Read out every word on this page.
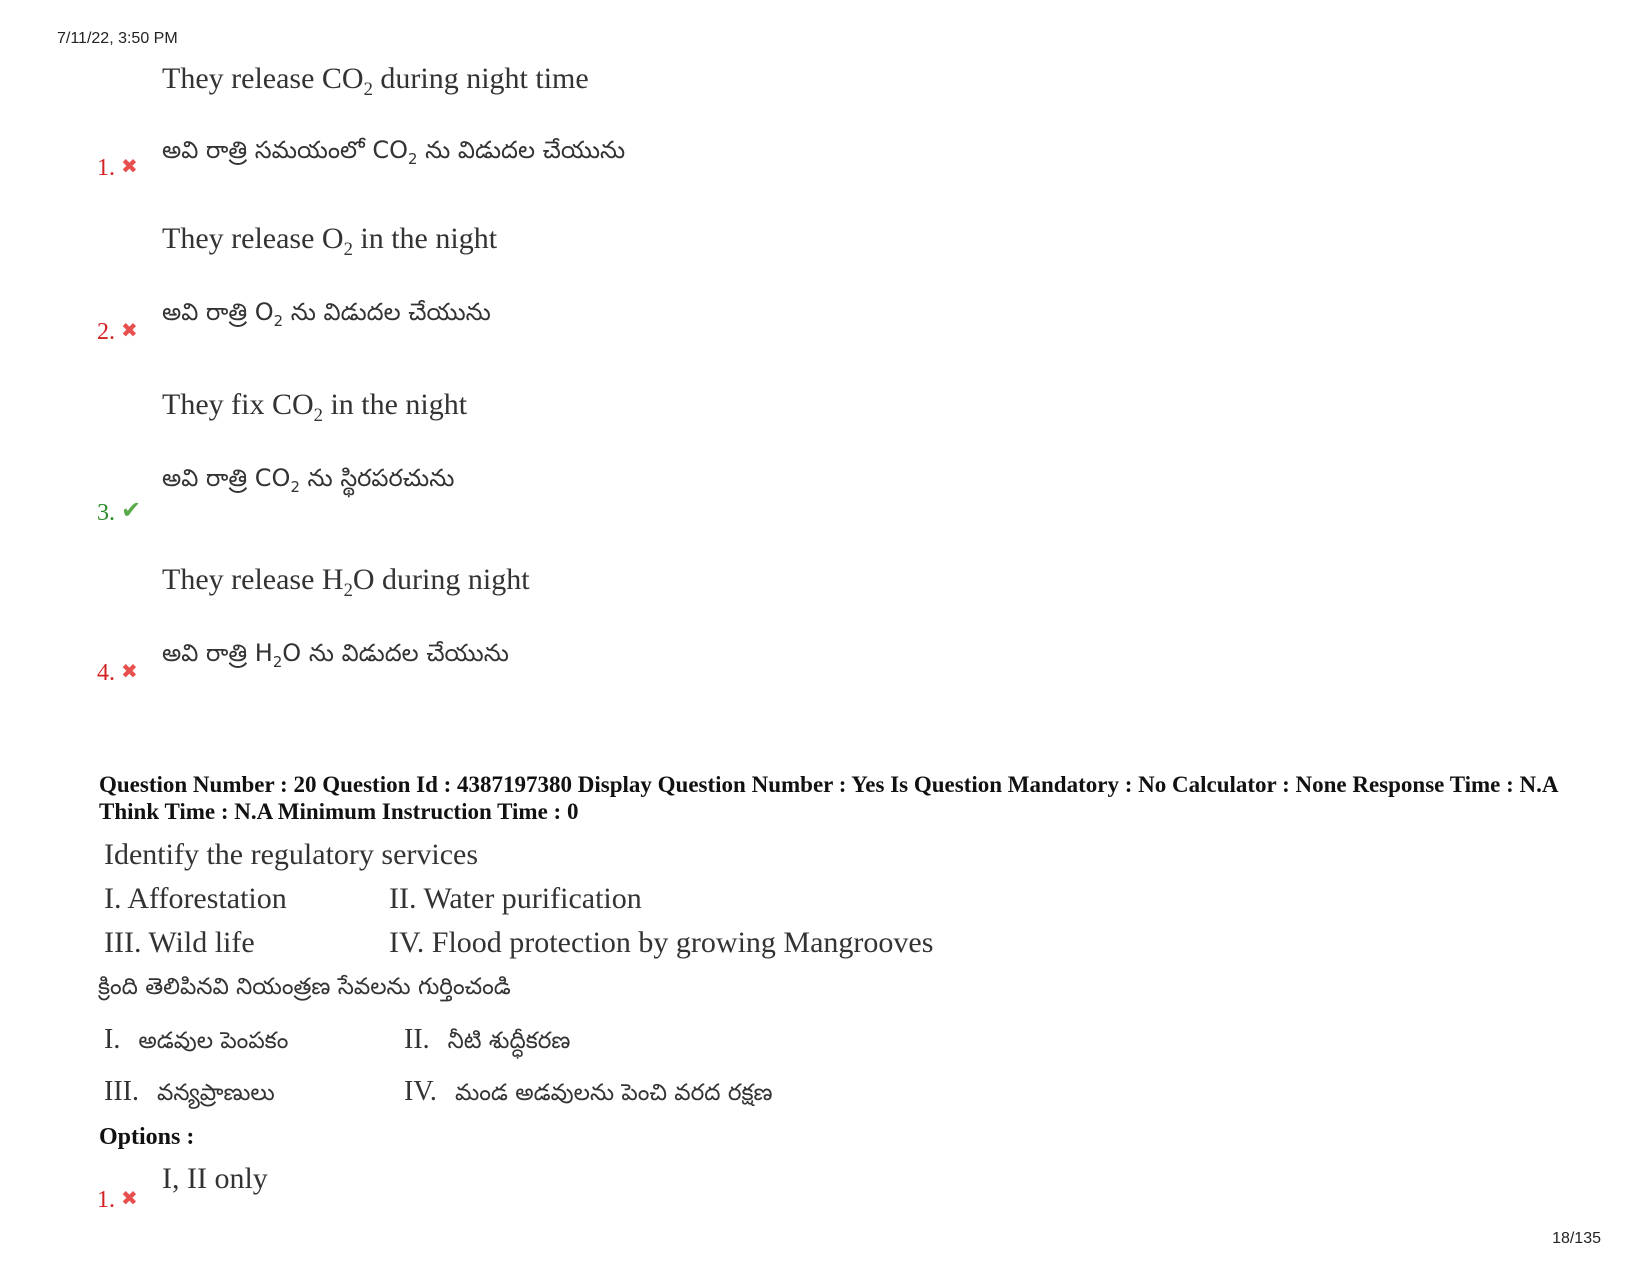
7/11/22, 3:50 PM
They release $CO_2$ during night time
అవి రాత్రి సమయంలో $CO_2$ ను విడుదల చేయును
1. ✖
They release $O_2$ in the night
అవి రాత్రి $O_2$ ను విడుదల చేయును
2. ✖
They fix $CO_2$ in the night
అవి రాత్రి $CO_2$ ను స్థిరపరచును
3. ✔
They release $H_2O$ during night
అవి రాత్రి $H_2O$ ను విడుదల చేయును
4. ✖
Question Number : 20 Question Id : 4387197380 Display Question Number : Yes Is Question Mandatory : No Calculator : None Response Time : N.A Think Time : N.A Minimum Instruction Time : 0
Identify the regulatory services
I. Afforestation	II. Water purification
III. Wild life	IV. Flood protection by growing Mangrooves
క్రింది తెలిపినవి నియంత్రణ సేవలను గుర్తించండి
I. అడవుల పెంపకం	II. నీటి శుద్ధీకరణ
III. వన్యప్రాణులు	IV. మండ అడవులను పెంచి వరద రక్షణ
Options :
I, II only
1. ✖
18/135
